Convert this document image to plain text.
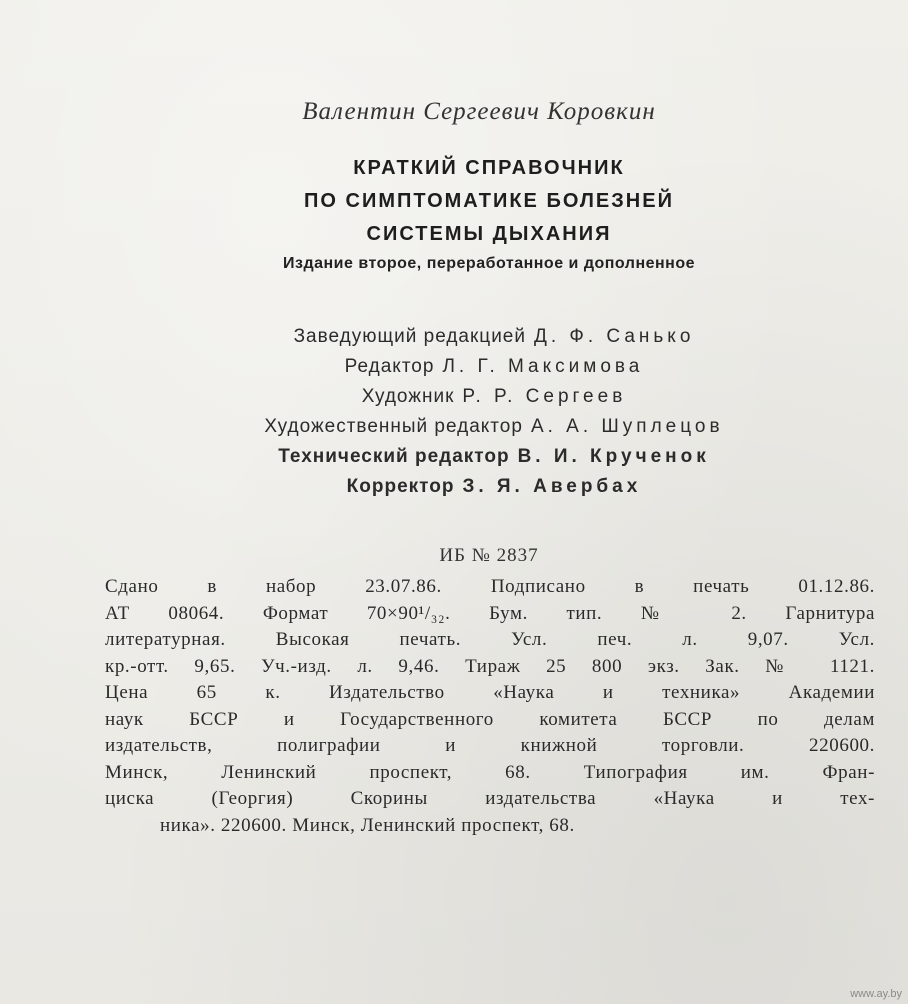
Валентин Сергеевич Коровкин
КРАТКИЙ СПРАВОЧНИК
ПО СИМПТОМАТИКЕ БОЛЕЗНЕЙ
СИСТЕМЫ ДЫХАНИЯ
Издание второе, переработанное и дополненное
Заведующий редакцией Д. Ф. Санько
Редактор Л. Г. Максимова
Художник Р. Р. Сергеев
Художественный редактор А. А. Шуплецов
Технический редактор В. И. Крученок
Корректор З. Я. Авербах
ИБ № 2837
Сдано в набор 23.07.86. Подписано в печать 01.12.86.
АТ 08064. Формат 70×90¹/₃₂. Бум. тип. № 2. Гарнитура
литературная. Высокая печать. Усл. печ. л. 9,07. Усл.
кр.-отт. 9,65. Уч.-изд. л. 9,46. Тираж 25 800 экз. Зак. № 1121.
Цена 65 к. Издательство «Наука и техника» Академии
наук БССР и Государственного комитета БССР по делам
издательств, полиграфии и книжной торговли. 220600.
Минск, Ленинский проспект, 68. Типография им. Фран-
циска (Георгия) Скорины издательства «Наука и тех-
ника». 220600. Минск, Ленинский проспект, 68.
www.ay.by
